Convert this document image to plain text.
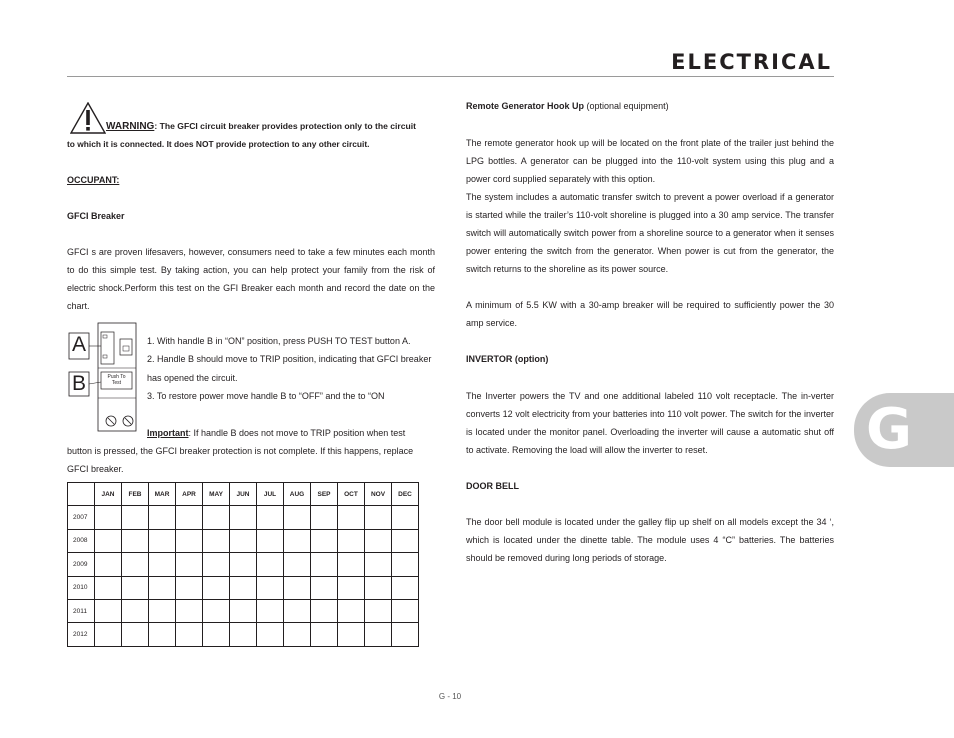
ELECTRICAL
G
WARNING: The GFCI circuit breaker provides protection only to the circuit
to which it is connected. It does NOT provide protection to any other circuit.
OCCUPANT:
GFCI Breaker
GFCI s are proven lifesavers, however, consumers need to take a few minutes each month to do this simple test. By taking action, you can help protect your family from the risk of electric shock.Perform this test on the GFI Breaker each month and record the date on the chart.
A
B	Push To
Test
1. With handle B in “ON” position, press PUSH TO TEST button A.
2. Handle B should move to TRIP position, indicating that GFCI breaker has opened the circuit.
3. To restore power move handle B to “OFF” and the to “ON
Important: If handle B does not move to TRIP position when test
button is pressed, the GFCI breaker protection is not complete. If this happens, replace GFCI breaker.
	JAN	FEB	MAR	APR	MAY	JUN	JUL	AUG	SEP	OCT	NOV	DEC
2007												
2008												
2009												
2010												
2011												
2012												
Remote Generator Hook Up (optional equipment)
The remote generator hook up will be located on the front plate of the trailer just behind the LPG bottles. A generator can be plugged into the 110-volt system using this plug and a power cord supplied separately with this option.
The system includes a automatic transfer switch to prevent a power overload if a generator is started while the trailer’s 110-volt shoreline is plugged into a 30 amp service. The transfer switch will automatically switch power from a shoreline source to a generator when it senses power entering the switch from the generator. When power is cut from the generator, the switch returns to the shoreline as its power source.
A minimum of 5.5 KW with a 30-amp breaker will be required to sufficiently power the 30 amp service.
INVERTOR (option)
The Inverter powers the TV and one additional labeled 110 volt receptacle. The in-verter converts 12 volt electricity from your batteries into 110 volt power. The switch for the inverter is located under the monitor panel. Overloading the inverter will cause a automatic shut off to activate. Removing the load will allow the inverter to reset.
DOOR BELL
The door bell module is located under the galley flip up shelf on all models except the 34 ‘, which is located under the dinette table. The module uses 4 “C” batteries. The batteries should be removed during long periods of storage.
G - 10
